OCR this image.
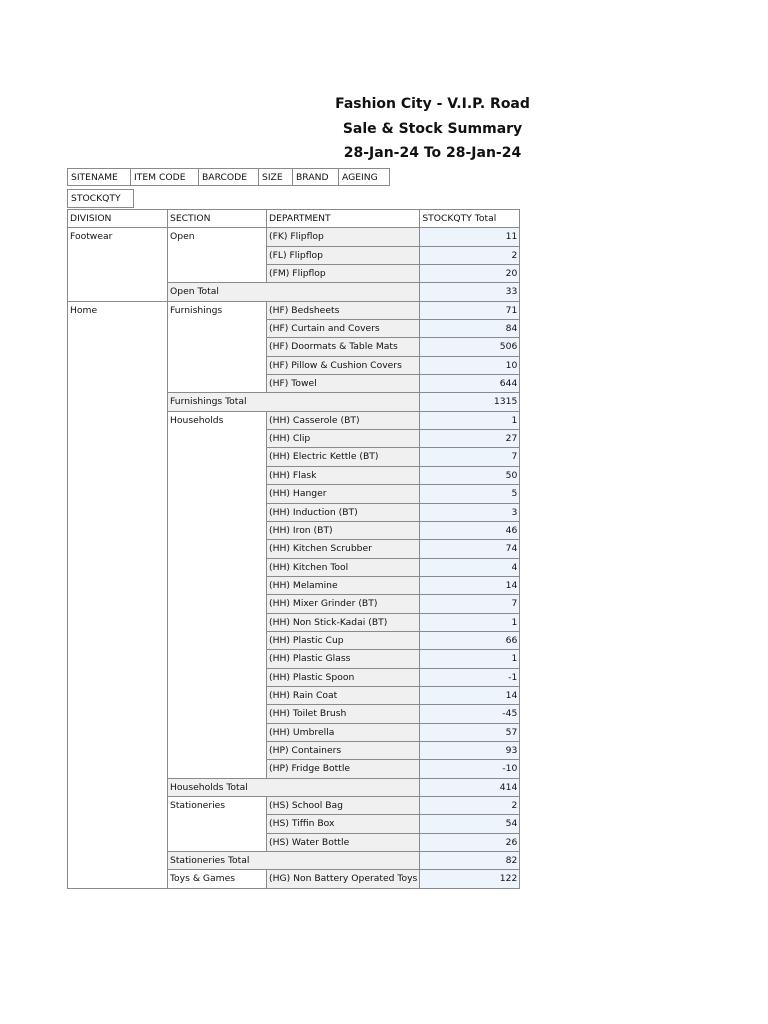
Fashion City - V.I.P. Road
Sale & Stock Summary
28-Jan-24 To 28-Jan-24
SITENAME	ITEM CODE	BARCODE	SIZE	BRAND	AGEING
STOCKQTY
DIVISION	SECTION	DEPARTMENT	STOCKQTY Total
Footwear	Open	(FK) Flipflop	11
		(FL) Flipflop	2
		(FM) Flipflop	20
	Open Total		33
Home	Furnishings	(HF) Bedsheets	71
		(HF) Curtain and Covers	84
		(HF) Doormats & Table Mats	506
		(HF) Pillow & Cushion Covers	10
		(HF) Towel	644
	Furnishings Total		1315
	Households	(HH) Casserole (BT)	1
		(HH) Clip	27
		(HH) Electric Kettle (BT)	7
		(HH) Flask	50
		(HH) Hanger	5
		(HH) Induction (BT)	3
		(HH) Iron (BT)	46
		(HH) Kitchen Scrubber	74
		(HH) Kitchen Tool	4
		(HH) Melamine	14
		(HH) Mixer Grinder (BT)	7
		(HH) Non Stick-Kadai (BT)	1
		(HH) Plastic Cup	66
		(HH) Plastic Glass	1
		(HH) Plastic Spoon	-1
		(HH) Rain Coat	14
		(HH) Toilet Brush	-45
		(HH) Umbrella	57
		(HP) Containers	93
		(HP) Fridge Bottle	-10
	Households Total		414
	Stationeries	(HS) School Bag	2
		(HS) Tiffin Box	54
		(HS) Water Bottle	26
	Stationeries Total		82
	Toys & Games	(HG) Non Battery Operated Toys	122
